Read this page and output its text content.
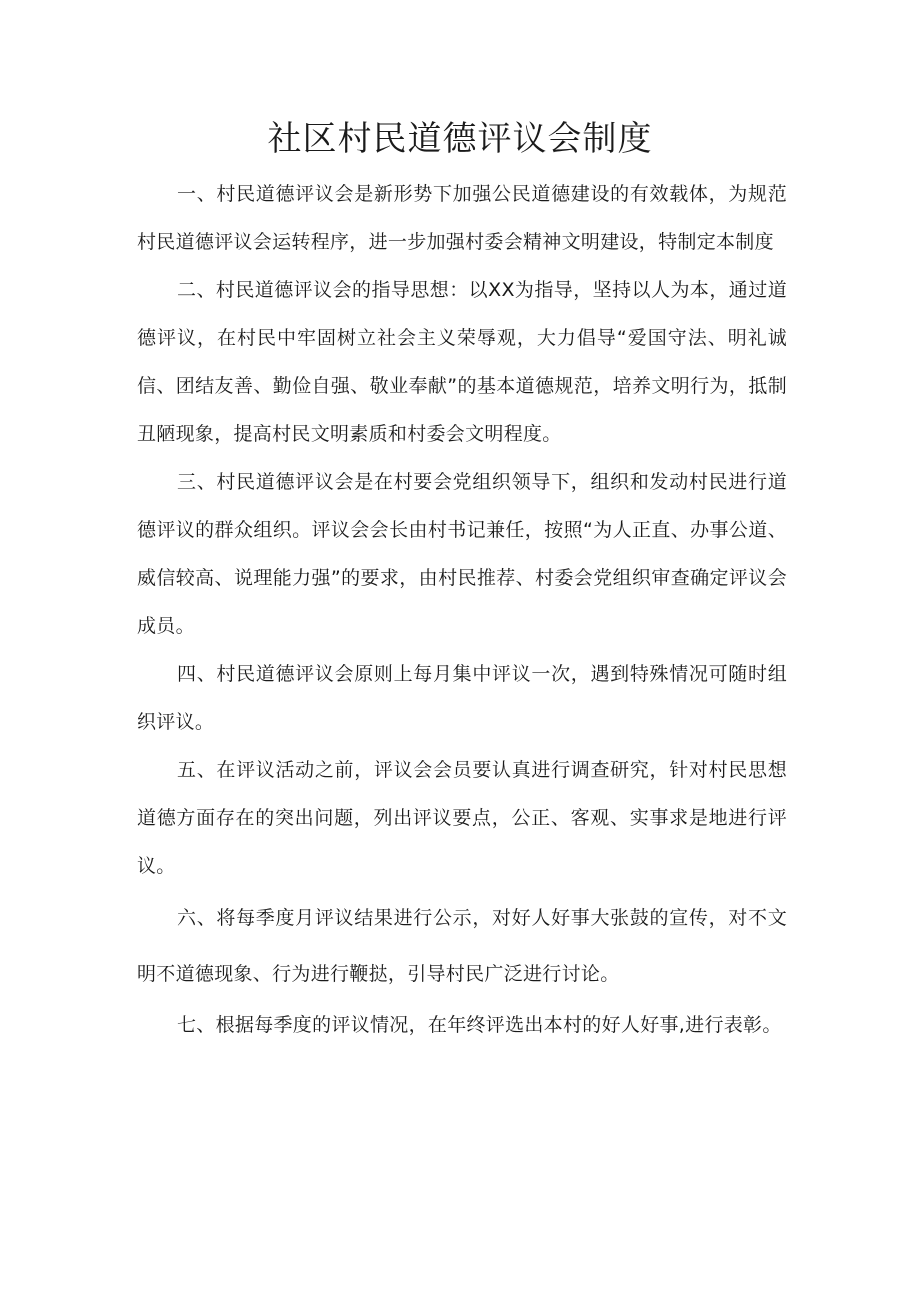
社区村民道德评议会制度

一、村民道德评议会是新形势下加强公民道德建设的有效载体，为规范村民道德评议会运转程序，进一步加强村委会精神文明建设，特制定本制度

二、村民道德评议会的指导思想：以XX为指导，坚持以人为本，通过道德评议，在村民中牢固树立社会主义荣辱观，大力倡导“爱国守法、明礼诚信、团结友善、勤俭自强、敬业奉献”的基本道德规范，培养文明行为，抵制丑陋现象，提高村民文明素质和村委会文明程度。

三、村民道德评议会是在村要会党组织领导下，组织和发动村民进行道德评议的群众组织。评议会会长由村书记兼任，按照“为人正直、办事公道、威信较高、说理能力强”的要求，由村民推荐、村委会党组织审查确定评议会成员。

四、村民道德评议会原则上每月集中评议一次，遇到特殊情况可随时组织评议。

五、在评议活动之前，评议会会员要认真进行调查研究，针对村民思想道德方面存在的突出问题，列出评议要点，公正、客观、实事求是地进行评议。

六、将每季度月评议结果进行公示，对好人好事大张鼓的宣传，对不文明不道德现象、行为进行鞭挞，引导村民广泛进行讨论。

七、根据每季度的评议情况，在年终评选出本村的好人好事,进行表彰。
